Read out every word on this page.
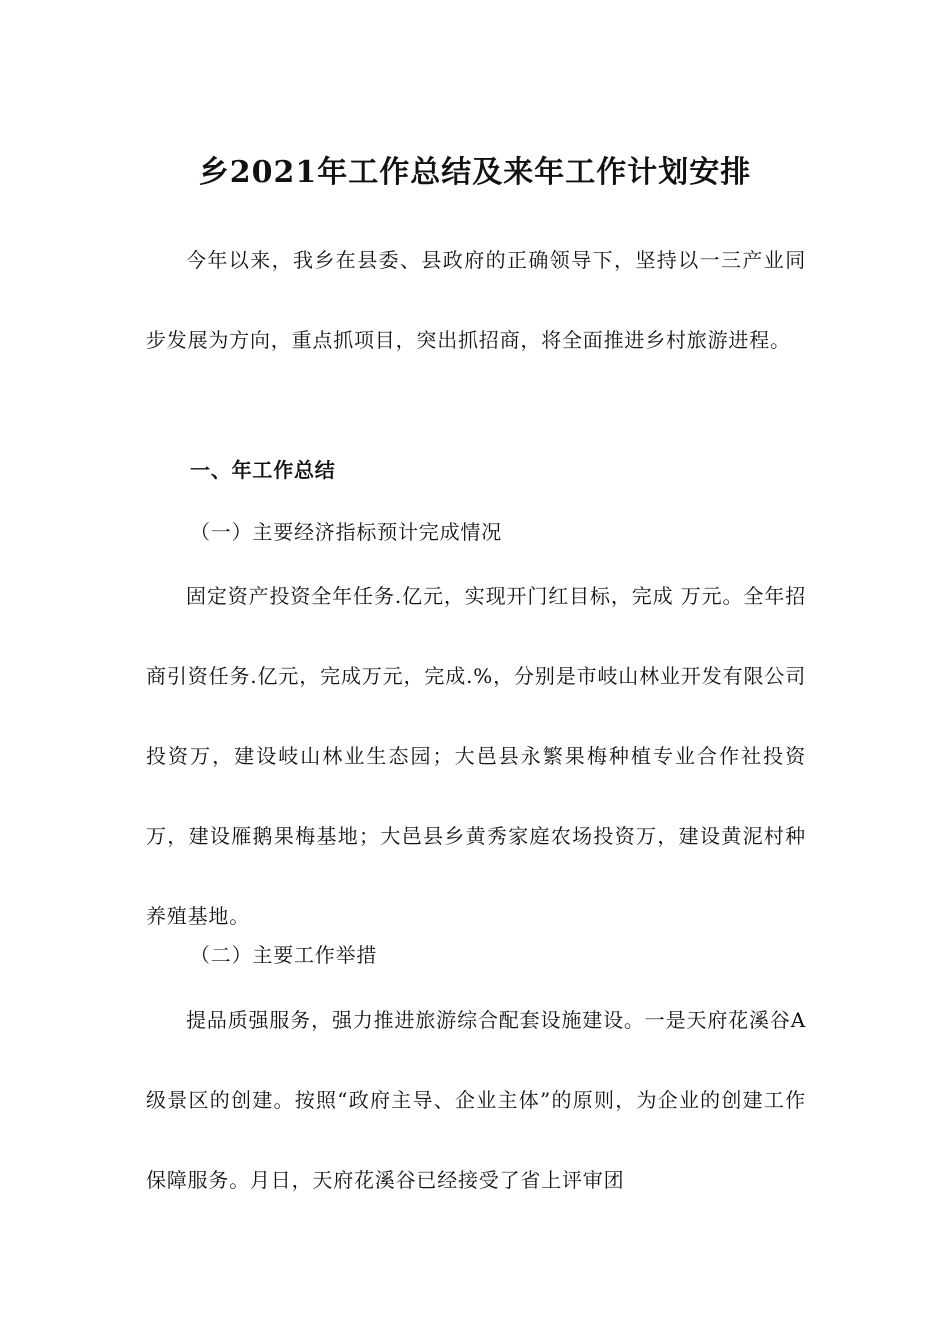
乡2021年工作总结及来年工作计划安排

今年以来，我乡在县委、县政府的正确领导下，坚持以一三产业同步发展为方向，重点抓项目，突出抓招商，将全面推进乡村旅游进程。

一、年工作总结

（一）主要经济指标预计完成情况

固定资产投资全年任务.亿元，实现开门红目标，完成 万元。全年招商引资任务.亿元，完成万元，完成.%，分别是市岐山林业开发有限公司投资万，建设岐山林业生态园；大邑县永繁果梅种植专业合作社投资万，建设雁鹅果梅基地；大邑县乡黄秀家庭农场投资万，建设黄泥村种养殖基地。

（二）主要工作举措

提品质强服务，强力推进旅游综合配套设施建设。一是天府花溪谷A级景区的创建。按照“政府主导、企业主体”的原则，为企业的创建工作保障服务。月日，天府花溪谷已经接受了省上评审团
